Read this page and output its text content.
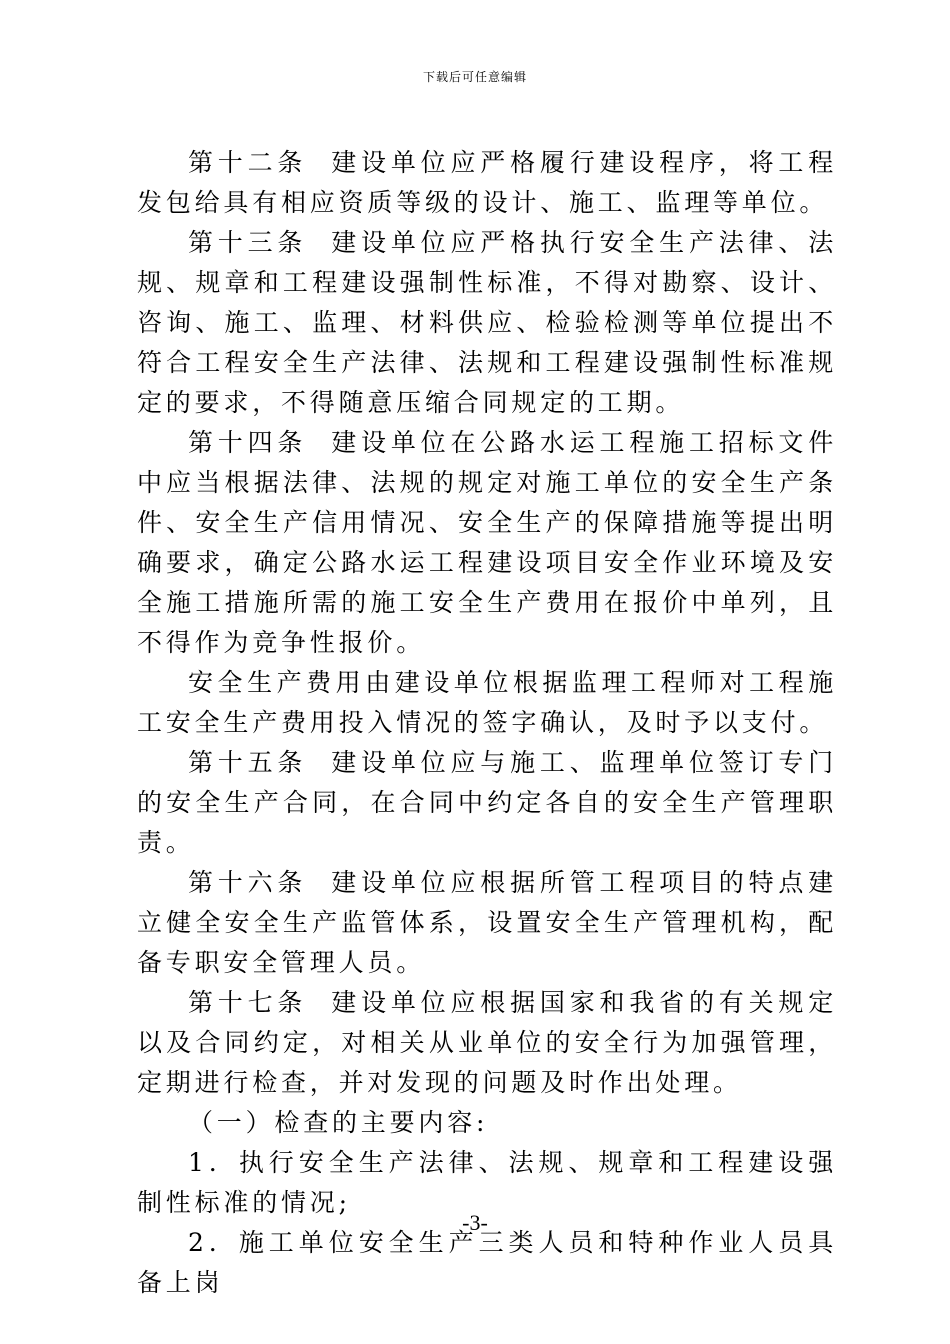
下载后可任意编辑

第十二条 建设单位应严格履行建设程序，将工程发包给具有相应资质等级的设计、施工、监理等单位。

第十三条 建设单位应严格执行安全生产法律、法规、规章和工程建设强制性标准，不得对勘察、设计、咨询、施工、监理、材料供应、检验检测等单位提出不符合工程安全生产法律、法规和工程建设强制性标准规定的要求，不得随意压缩合同规定的工期。

第十四条 建设单位在公路水运工程施工招标文件中应当根据法律、法规的规定对施工单位的安全生产条件、安全生产信用情况、安全生产的保障措施等提出明确要求，确定公路水运工程建设项目安全作业环境及安全施工措施所需的施工安全生产费用在报价中单列，且不得作为竞争性报价。

安全生产费用由建设单位根据监理工程师对工程施工安全生产费用投入情况的签字确认，及时予以支付。

第十五条 建设单位应与施工、监理单位签订专门的安全生产合同，在合同中约定各自的安全生产管理职责。

第十六条 建设单位应根据所管工程项目的特点建立健全安全生产监管体系，设置安全生产管理机构，配备专职安全管理人员。

第十七条 建设单位应根据国家和我省的有关规定以及合同约定，对相关从业单位的安全行为加强管理，定期进行检查，并对发现的问题及时作出处理。

（一）检查的主要内容:

1．执行安全生产法律、法规、规章和工程建设强制性标准的情况;

2．施工单位安全生产三类人员和特种作业人员具备上岗

-3-
